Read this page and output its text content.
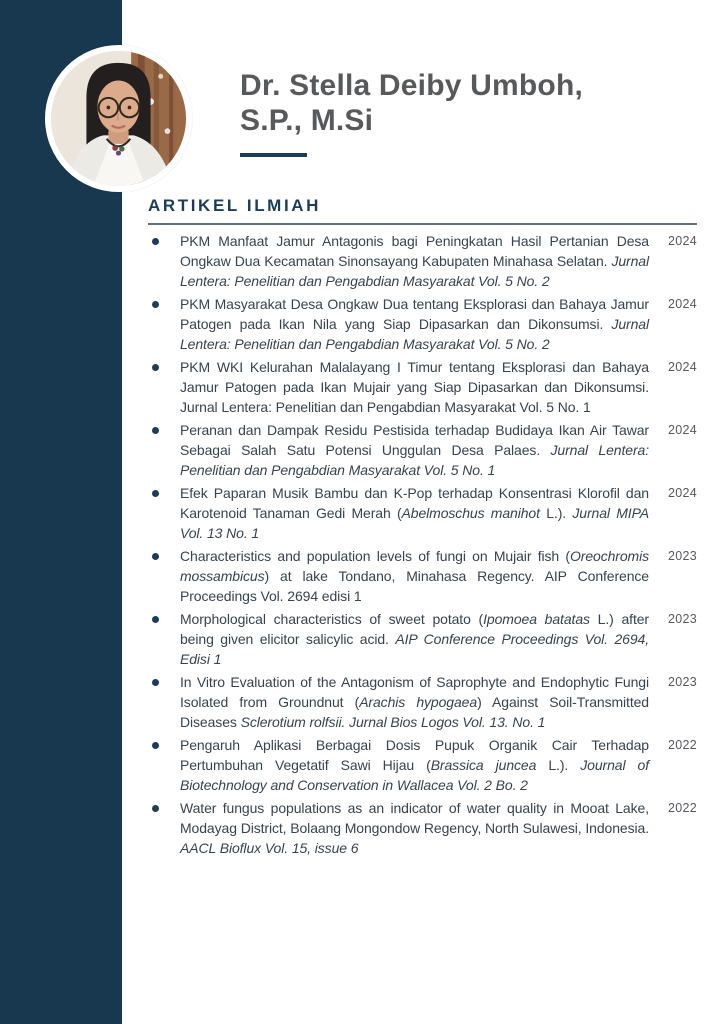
Dr. Stella Deiby Umboh,
S.P., M.Si
ARTIKEL ILMIAH

PKM Manfaat Jamur Antagonis bagi Peningkatan Hasil Pertanian Desa Ongkaw Dua Kecamatan Sinonsayang Kabupaten Minahasa Selatan. Jurnal Lentera: Penelitian dan Pengabdian Masyarakat Vol. 5 No. 2

2024

PKM Masyarakat Desa Ongkaw Dua tentang Eksplorasi dan Bahaya Jamur Patogen pada Ikan Nila yang Siap Dipasarkan dan Dikonsumsi. Jurnal Lentera: Penelitian dan Pengabdian Masyarakat Vol. 5 No. 2

2024

PKM WKI Kelurahan Malalayang I Timur tentang Eksplorasi dan Bahaya Jamur Patogen pada Ikan Mujair yang Siap Dipasarkan dan Dikonsumsi. Jurnal Lentera: Penelitian dan Pengabdian Masyarakat Vol. 5 No. 1

2024

Peranan dan Dampak Residu Pestisida terhadap Budidaya Ikan Air Tawar Sebagai Salah Satu Potensi Unggulan Desa Palaes. Jurnal Lentera: Penelitian dan Pengabdian Masyarakat Vol. 5 No. 1

2024

Efek Paparan Musik Bambu dan K-Pop terhadap Konsentrasi Klorofil dan Karotenoid Tanaman Gedi Merah (Abelmoschus manihot L.). Jurnal MIPA Vol. 13 No. 1

2024

Characteristics and population levels of fungi on Mujair fish (Oreochromis mossambicus) at lake Tondano, Minahasa Regency. AIP Conference Proceedings Vol. 2694 edisi 1

2023

Morphological characteristics of sweet potato (Ipomoea batatas L.) after being given elicitor salicylic acid. AIP Conference Proceedings Vol. 2694, Edisi 1

2023

In Vitro Evaluation of the Antagonism of Saprophyte and Endophytic Fungi Isolated from Groundnut (Arachis hypogaea) Against Soil-Transmitted Diseases Sclerotium rolfsii. Jurnal Bios Logos Vol. 13. No. 1

2023

Pengaruh Aplikasi Berbagai Dosis Pupuk Organik Cair Terhadap Pertumbuhan Vegetatif Sawi Hijau (Brassica juncea L.). Journal of Biotechnology and Conservation in Wallacea Vol. 2 Bo. 2

2022

Water fungus populations as an indicator of water quality in Mooat Lake, Modayag District, Bolaang Mongondow Regency, North Sulawesi, Indonesia. AACL Bioflux Vol. 15, issue 6

2022
